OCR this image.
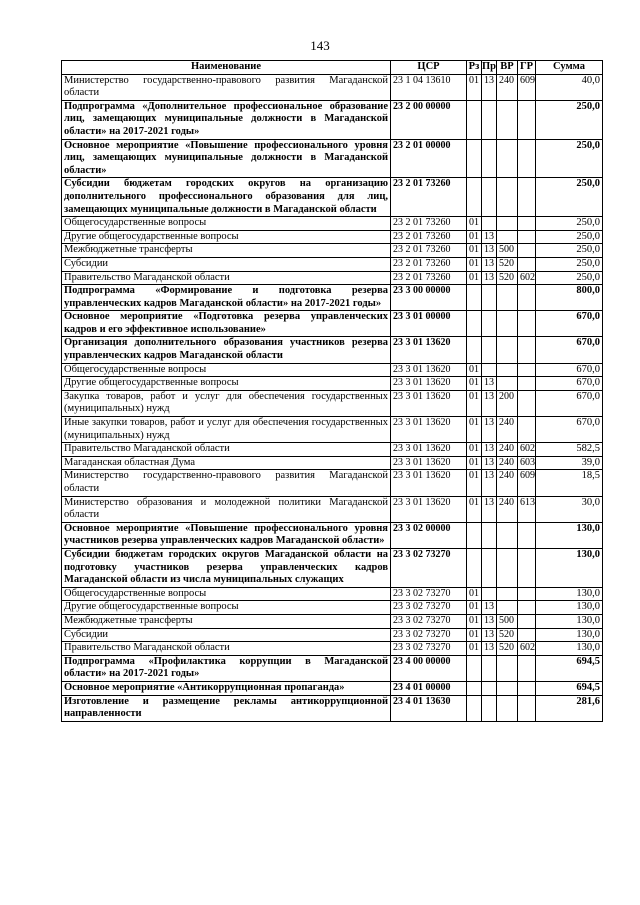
143
Наименование	ЦСР	Рз	Пр	ВР	ГР	Сумма
Министерство государственно-правового развития Магаданской области	23 1 04 13610	01	13	240	609	40,0
Подпрограмма «Дополнительное профессиональное образование лиц, замещающих муниципальные должности в Магаданской области» на 2017-2021 годы»	23 2 00 00000					250,0
Основное мероприятие «Повышение профессионального уровня лиц, замещающих муниципальные должности в Магаданской области»	23 2 01 00000					250,0
Субсидии бюджетам городских округов на организацию дополнительного профессионального образования для лиц, замещающих муниципальные должности в Магаданской области	23 2 01 73260					250,0
Общегосударственные вопросы	23 2 01 73260	01				250,0
Другие общегосударственные вопросы	23 2 01 73260	01	13			250,0
Межбюджетные трансферты	23 2 01 73260	01	13	500		250,0
Субсидии	23 2 01 73260	01	13	520		250,0
Правительство Магаданской области	23 2 01 73260	01	13	520	602	250,0
Подпрограмма «Формирование и подготовка резерва управленческих кадров Магаданской области» на 2017-2021 годы»	23 3 00 00000					800,0
Основное мероприятие «Подготовка резерва управленческих кадров и его эффективное использование»	23 3 01 00000					670,0
Организация дополнительного образования участников резерва управленческих кадров Магаданской области	23 3 01 13620					670,0
Общегосударственные вопросы	23 3 01 13620	01				670,0
Другие общегосударственные вопросы	23 3 01 13620	01	13			670,0
Закупка товаров, работ и услуг для обеспечения государственных (муниципальных) нужд	23 3 01 13620	01	13	200		670,0
Иные закупки товаров, работ и услуг для обеспечения государственных (муниципальных) нужд	23 3 01 13620	01	13	240		670,0
Правительство Магаданской области	23 3 01 13620	01	13	240	602	582,5
Магаданская областная Дума	23 3 01 13620	01	13	240	603	39,0
Министерство государственно-правового развития Магаданской области	23 3 01 13620	01	13	240	609	18,5
Министерство образования и молодежной политики Магаданской области	23 3 01 13620	01	13	240	613	30,0
Основное мероприятие «Повышение профессионального уровня участников резерва управленческих кадров Магаданской области»	23 3 02 00000					130,0
Субсидии бюджетам городских округов Магаданской области на подготовку участников резерва управленческих кадров Магаданской области из числа муниципальных служащих	23 3 02 73270					130,0
Общегосударственные вопросы	23 3 02 73270	01				130,0
Другие общегосударственные вопросы	23 3 02 73270	01	13			130,0
Межбюджетные трансферты	23 3 02 73270	01	13	500		130,0
Субсидии	23 3 02 73270	01	13	520		130,0
Правительство Магаданской области	23 3 02 73270	01	13	520	602	130,0
Подпрограмма «Профилактика коррупции в Магаданской области» на 2017-2021 годы»	23 4 00 00000					694,5
Основное мероприятие «Антикоррупционная пропаганда»	23 4 01 00000					694,5
Изготовление и размещение рекламы антикоррупционной направленности	23 4 01 13630					281,6
